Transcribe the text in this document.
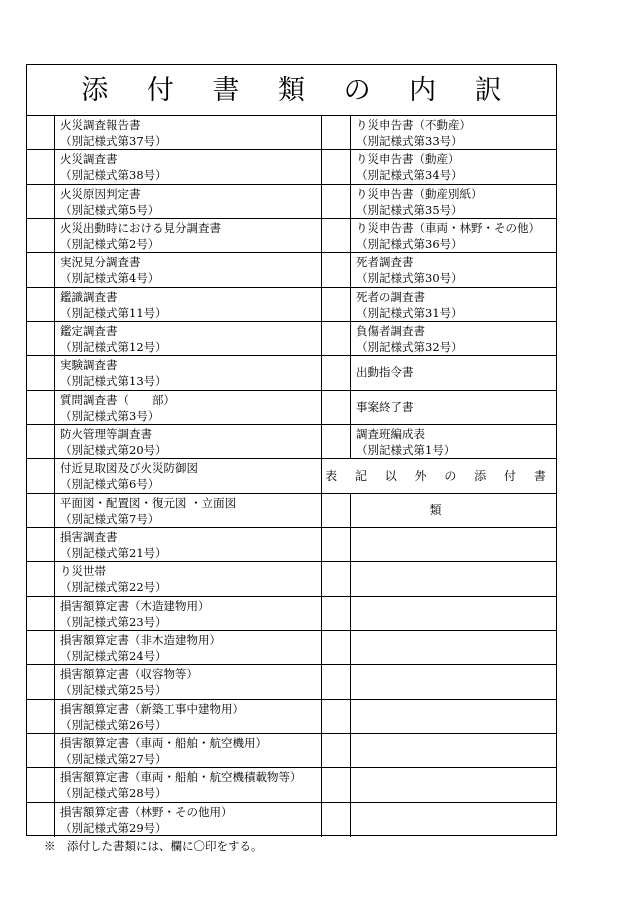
添 付 書 類 の 内 訳
火災調査報告書
（別記様式第37号）
り災申告書（不動産）
（別記様式第33号）
火災調査書
（別記様式第38号）
り災申告書（動産）
（別記様式第34号）
火災原因判定書
（別記様式第5号）
り災申告書（動産別紙）
（別記様式第35号）
火災出動時における見分調査書
（別記様式第2号）
り災申告書（車両・林野・その他）
（別記様式第36号）
実況見分調査書
（別記様式第4号）
死者調査書
（別記様式第30号）
鑑識調査書
（別記様式第11号）
死者の調査書
（別記様式第31号）
鑑定調査書
（別記様式第12号）
負傷者調査書
（別記様式第32号）
実験調査書
（別記様式第13号）
出動指令書
質問調査書（　　部）
（別記様式第3号）
事案終了書
防火管理等調査書
（別記様式第20号）
調査班編成表
（別記様式第1号）
付近見取図及び火災防御図
（別記様式第6号）
表 記 以 外 の 添 付 書 類
平面図・配置図・復元図 ・立面図
（別記様式第7号）
損害調査書
（別記様式第21号）
り災世帯
（別記様式第22号）
損害額算定書（木造建物用）
（別記様式第23号）
損害額算定書（非木造建物用）
（別記様式第24号）
損害額算定書（収容物等）
（別記様式第25号）
損害額算定書（新築工事中建物用）
（別記様式第26号）
損害額算定書（車両・船舶・航空機用）
（別記様式第27号）
損害額算定書（車両・船舶・航空機積載物等）
（別記様式第28号）
損害額算定書（林野・その他用）
（別記様式第29号）
※　添付した書類には、欄に〇印をする。
